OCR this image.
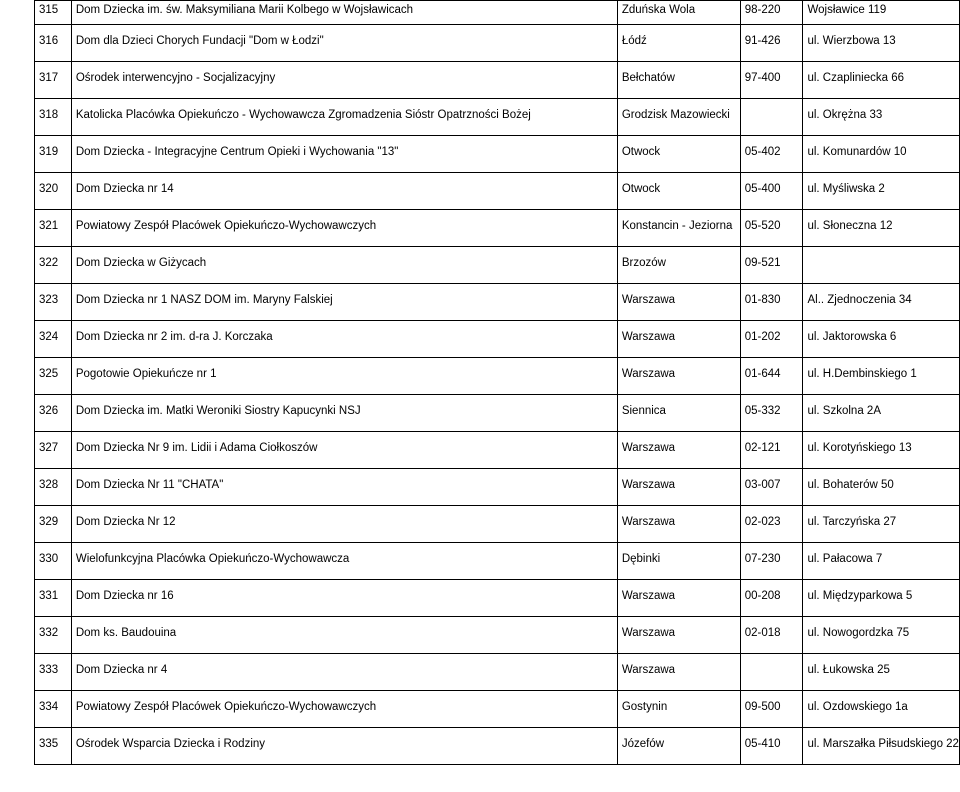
315	Dom Dziecka im. św. Maksymiliana Marii Kolbego w Wojsławicach	Zduńska Wola	98-220	Wojsławice 119
316	Dom dla Dzieci Chorych Fundacji "Dom w Łodzi"	Łódź	91-426	ul. Wierzbowa 13
317	Ośrodek interwencyjno - Socjalizacyjny	Bełchatów	97-400	ul. Czapliniecka 66
318	Katolicka Placówka Opiekuńczo - Wychowawcza Zgromadzenia Sióstr Opatrzności Bożej	Grodzisk Mazowiecki		ul. Okrężna 33
319	Dom Dziecka - Integracyjne Centrum Opieki i Wychowania "13"	Otwock	05-402	ul. Komunardów 10
320	Dom Dziecka nr 14	Otwock	05-400	ul. Myśliwska 2
321	Powiatowy Zespół Placówek Opiekuńczo-Wychowawczych	Konstancin - Jeziorna	05-520	ul. Słoneczna 12
322	Dom Dziecka w Giżycach	Brzozów	09-521	
323	Dom Dziecka nr 1 NASZ DOM im. Maryny Falskiej	Warszawa	01-830	Al.. Zjednoczenia 34
324	Dom Dziecka nr 2 im. d-ra J. Korczaka	Warszawa	01-202	ul. Jaktorowska 6
325	Pogotowie Opiekuńcze nr 1	Warszawa	01-644	ul. H.Dembinskiego 1
326	Dom Dziecka im. Matki Weroniki Siostry Kapucynki NSJ	Siennica	05-332	ul. Szkolna 2A
327	Dom Dziecka Nr 9 im. Lidii i Adama Ciołkoszów	Warszawa	02-121	ul. Korotyńskiego 13
328	Dom Dziecka Nr 11 "CHATA"	Warszawa	03-007	ul. Bohaterów 50
329	Dom Dziecka Nr 12	Warszawa	02-023	ul. Tarczyńska 27
330	Wielofunkcyjna Placówka Opiekuńczo-Wychowawcza	Dębinki	07-230	ul. Pałacowa 7
331	Dom Dziecka nr 16	Warszawa	00-208	ul. Międzyparkowa 5
332	Dom ks. Baudouina	Warszawa	02-018	ul. Nowogordzka 75
333	Dom Dziecka nr 4	Warszawa		ul. Łukowska 25
334	Powiatowy Zespół Placówek Opiekuńczo-Wychowawczych	Gostynin	09-500	ul. Ozdowskiego 1a
335	Ośrodek Wsparcia Dziecka i Rodziny	Józefów	05-410	ul. Marszałka Piłsudskiego 22
